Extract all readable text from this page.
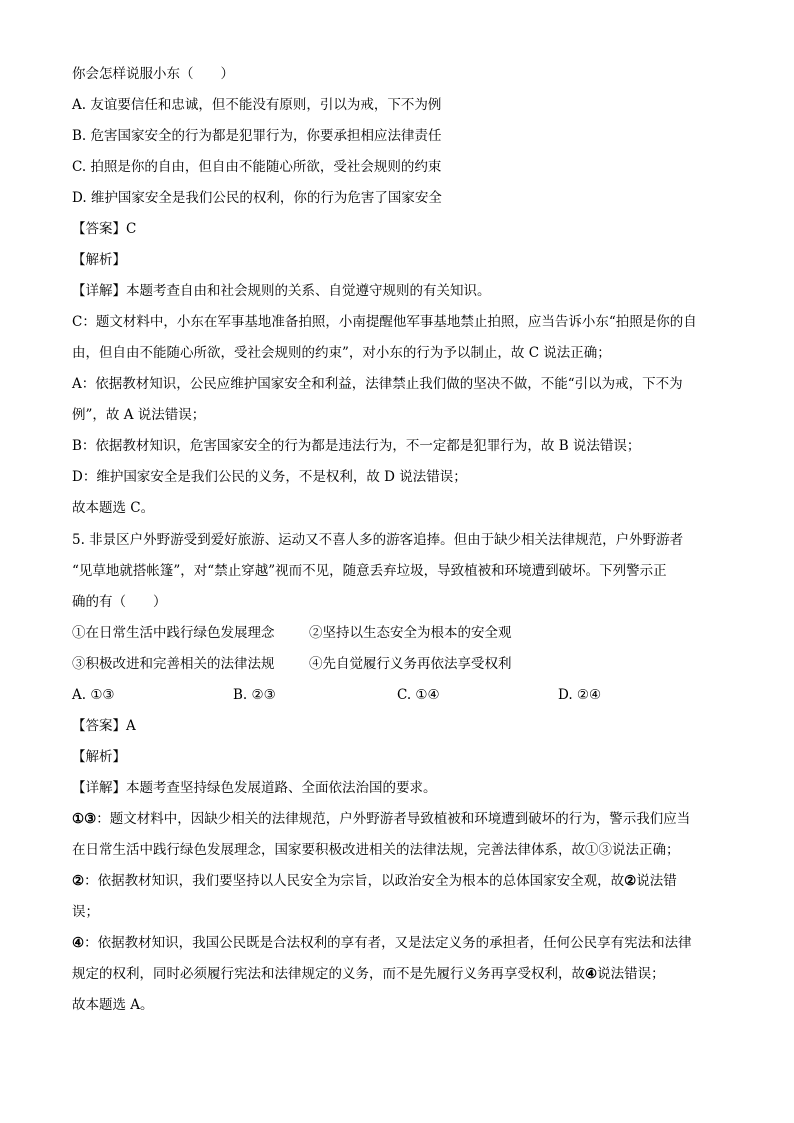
你会怎样说服小东（　　）
A. 友谊要信任和忠诚，但不能没有原则，引以为戒，下不为例
B. 危害国家安全的行为都是犯罪行为，你要承担相应法律责任
C. 拍照是你的自由，但自由不能随心所欲，受社会规则的约束
D. 维护国家安全是我们公民的权利，你的行为危害了国家安全
【答案】C
【解析】
【详解】本题考查自由和社会规则的关系、自觉遵守规则的有关知识。
C：题文材料中，小东在军事基地准备拍照，小南提醒他军事基地禁止拍照，应当告诉小东“拍照是你的自
由，但自由不能随心所欲，受社会规则的约束”，对小东的行为予以制止，故 C 说法正确；
A：依据教材知识，公民应维护国家安全和利益，法律禁止我们做的坚决不做，不能“引以为戒，下不为
例”，故 A 说法错误；
B：依据教材知识，危害国家安全的行为都是违法行为，不一定都是犯罪行为，故 B 说法错误；
D：维护国家安全是我们公民的义务，不是权利，故 D 说法错误；
故本题选 C。
5. 非景区户外野游受到爱好旅游、运动又不喜人多的游客追捧。但由于缺少相关法律规范，户外野游者
“见草地就搭帐篷”，对“禁止穿越”视而不见，随意丢弃垃圾，导致植被和环境遭到破坏。下列警示正
确的有（　　）
①在日常生活中践行绿色发展理念	②坚持以生态安全为根本的安全观
③积极改进和完善相关的法律法规	④先自觉履行义务再依法享受权利
A. ①③	B. ②③	C. ①④	D. ②④
【答案】A
【解析】
【详解】本题考查坚持绿色发展道路、全面依法治国的要求。
①③：题文材料中，因缺少相关的法律规范，户外野游者导致植被和环境遭到破坏的行为，警示我们应当
在日常生活中践行绿色发展理念，国家要积极改进相关的法律法规，完善法律体系，故①③说法正确；
②：依据教材知识，我们要坚持以人民安全为宗旨，以政治安全为根本的总体国家安全观，故②说法错
误；
④：依据教材知识，我国公民既是合法权利的享有者，又是法定义务的承担者，任何公民享有宪法和法律
规定的权利，同时必须履行宪法和法律规定的义务，而不是先履行义务再享受权利，故④说法错误；
故本题选 A。
